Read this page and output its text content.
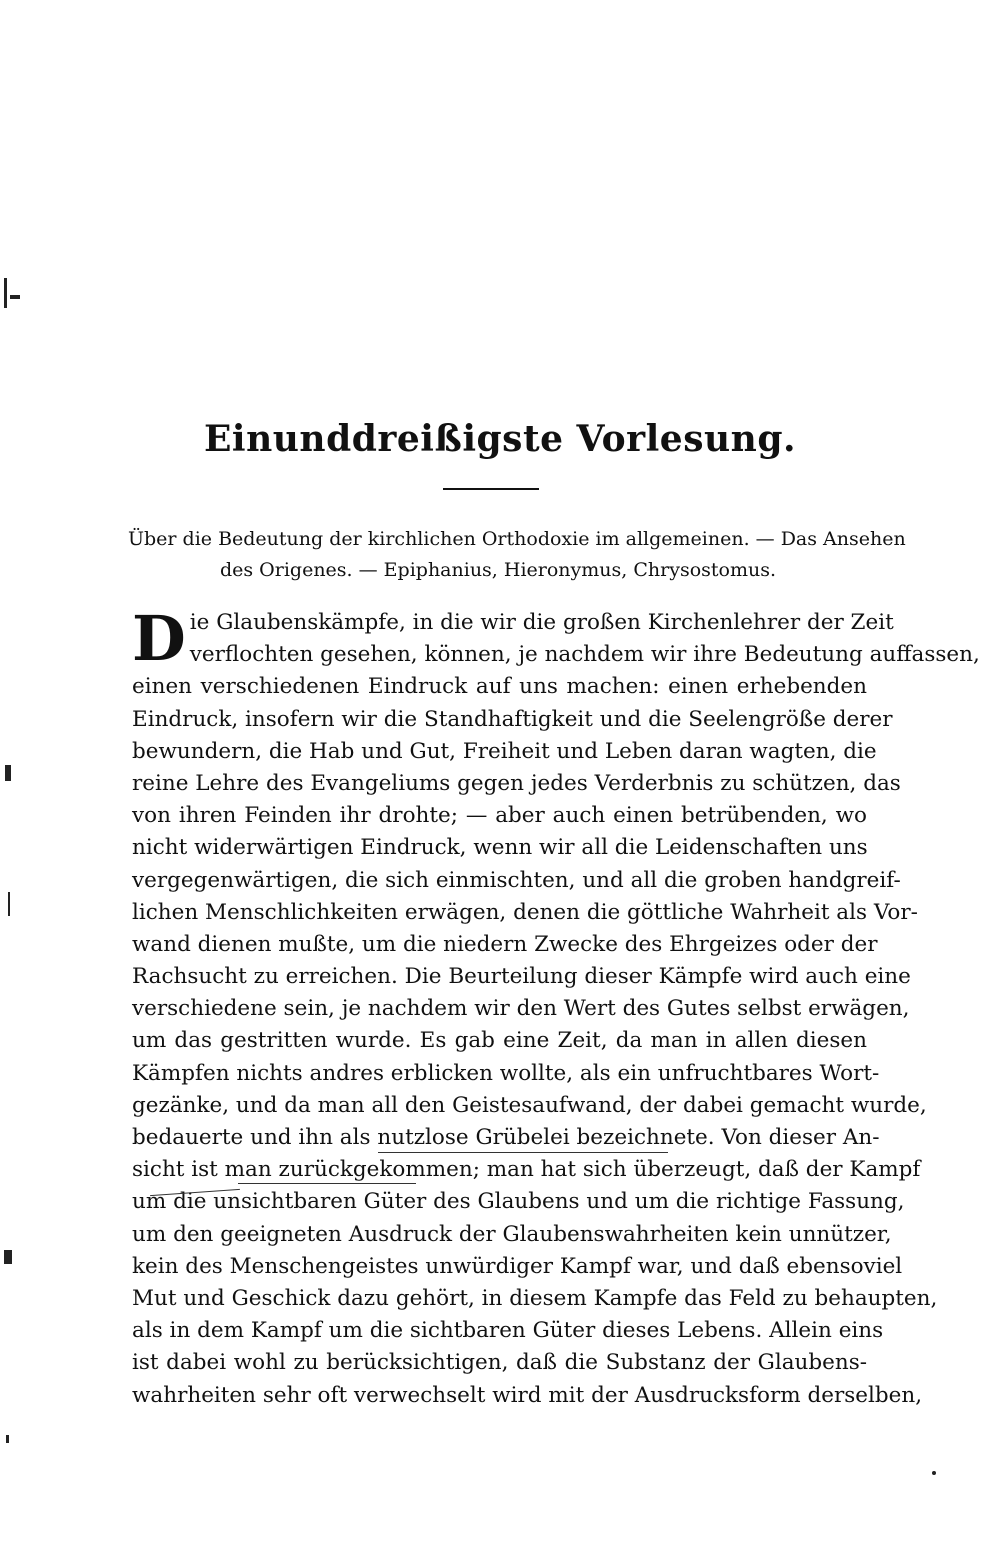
Einunddreißigste Vorlesung.
Über die Bedeutung der kirchlichen Orthodoxie im allgemeinen. — Das Ansehen
des Origenes. — Epiphanius, Hieronymus, Chrysostomus.
D ie Glaubenskämpfe, in die wir die großen Kirchenlehrer der Zeit
verflochten gesehen, können, je nachdem wir ihre Bedeutung auffassen,
einen verschiedenen Eindruck auf uns machen: einen erhebenden
Eindruck, insofern wir die Standhaftigkeit und die Seelengröße derer
bewundern, die Hab und Gut, Freiheit und Leben daran wagten, die
reine Lehre des Evangeliums gegen jedes Verderbnis zu schützen, das
von ihren Feinden ihr drohte; — aber auch einen betrübenden, wo
nicht widerwärtigen Eindruck, wenn wir all die Leidenschaften uns
vergegenwärtigen, die sich einmischten, und all die groben handgreif-
lichen Menschlichkeiten erwägen, denen die göttliche Wahrheit als Vor-
wand dienen mußte, um die niedern Zwecke des Ehrgeizes oder der
Rachsucht zu erreichen. Die Beurteilung dieser Kämpfe wird auch eine
verschiedene sein, je nachdem wir den Wert des Gutes selbst erwägen,
um das gestritten wurde. Es gab eine Zeit, da man in allen diesen
Kämpfen nichts andres erblicken wollte, als ein unfruchtbares Wort-
gezänke, und da man all den Geistesaufwand, der dabei gemacht wurde,
bedauerte und ihn als nutzlose Grübelei bezeichnete. Von dieser An-
sicht ist man zurückgekommen; man hat sich überzeugt, daß der Kampf
um die unsichtbaren Güter des Glaubens und um die richtige Fassung,
um den geeigneten Ausdruck der Glaubenswahrheiten kein unnützer,
kein des Menschengeistes unwürdiger Kampf war, und daß ebensoviel
Mut und Geschick dazu gehört, in diesem Kampfe das Feld zu behaupten,
als in dem Kampf um die sichtbaren Güter dieses Lebens. Allein eins
ist dabei wohl zu berücksichtigen, daß die Substanz der Glaubens-
wahrheiten sehr oft verwechselt wird mit der Ausdrucksform derselben,
